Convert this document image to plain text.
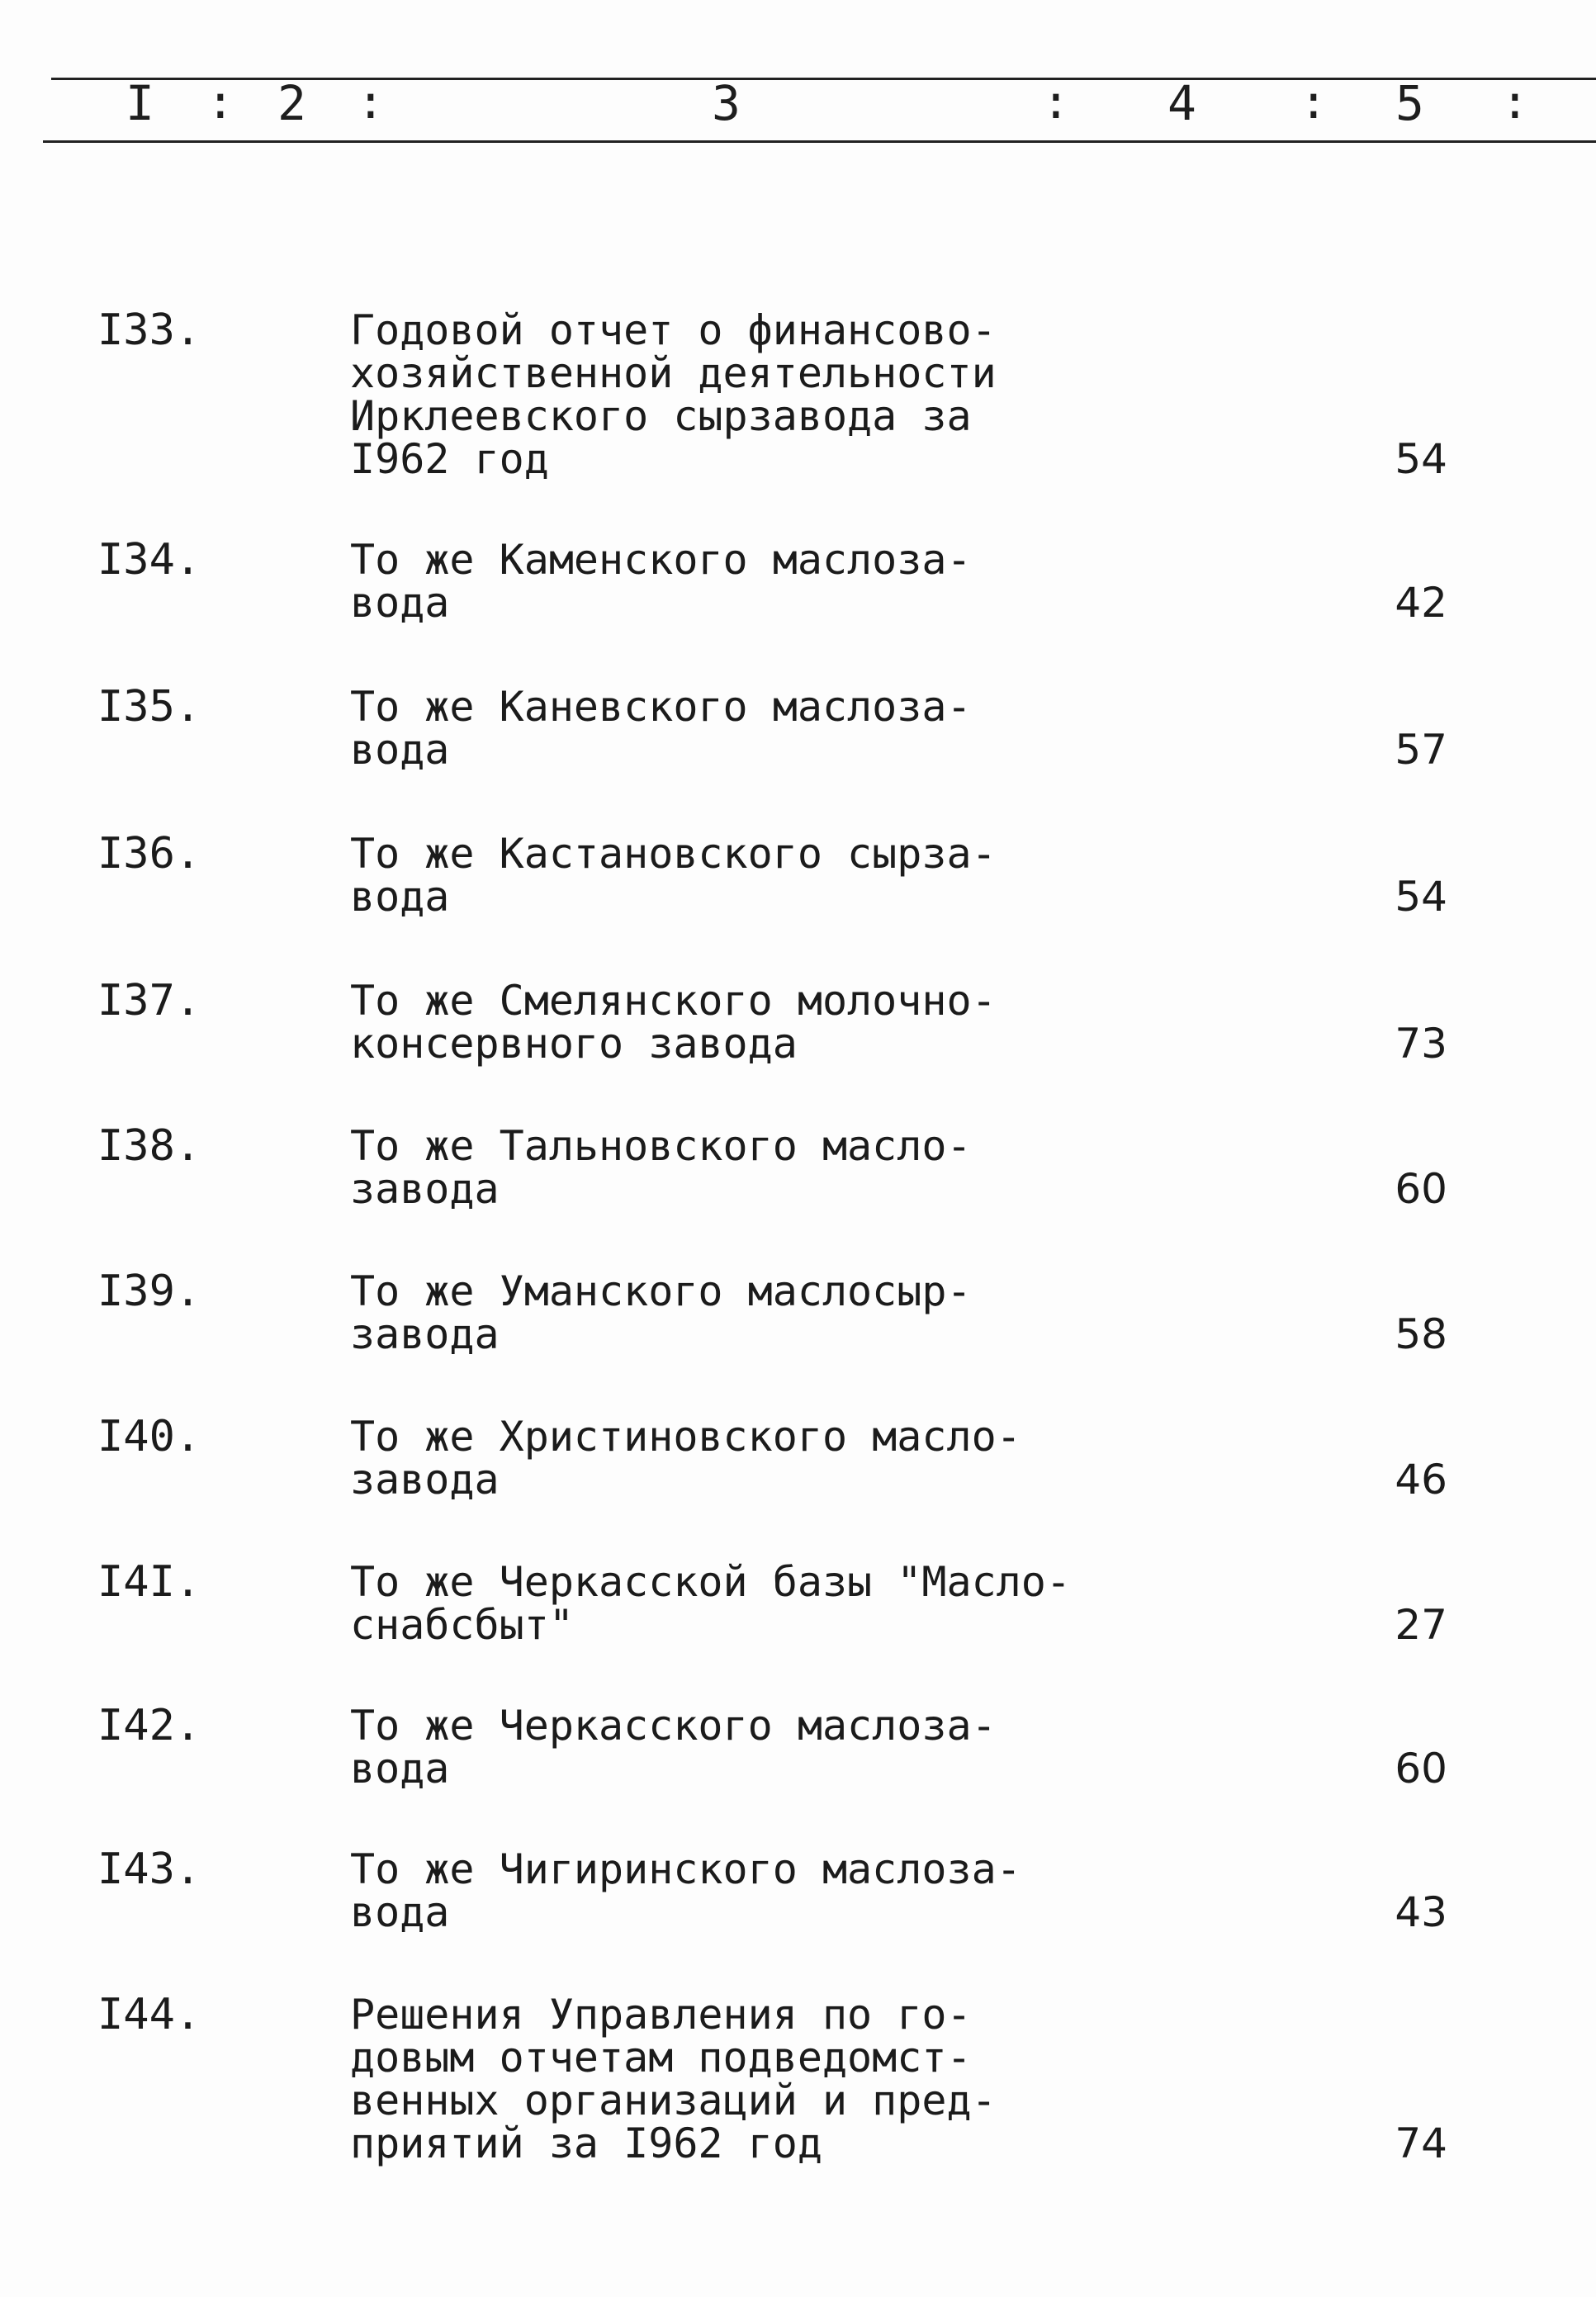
I : 2 :	3	: 4 : 5 :
I33.	Годовой отчет о финансово-
хозяйственной деятельности
Ирклеевского сырзавода за
I962 год	54
I34.	То же Каменского маслоза-
вода	42
I35.	То же Каневского маслоза-
вода	57
I36.	То же Кастановского сырза-
вода	54
I37.	То же Смелянского молочно-
консервного завода	73
I38.	То же Тальновского масло-
завода	60
I39.	То же Уманского маслосыр-
завода	58
I40.	То же Христиновского масло-
завода	46
I4I.	То же Черкасской базы "Масло-
снабсбыт"	27
I42.	То же Черкасского маслоза-
вода	60
I43.	То же Чигиринского маслоза-
вода	43
I44.	Решения Управления по го-
довым отчетам подведомст-
венных организаций и пред-
приятий за I962 год	74
